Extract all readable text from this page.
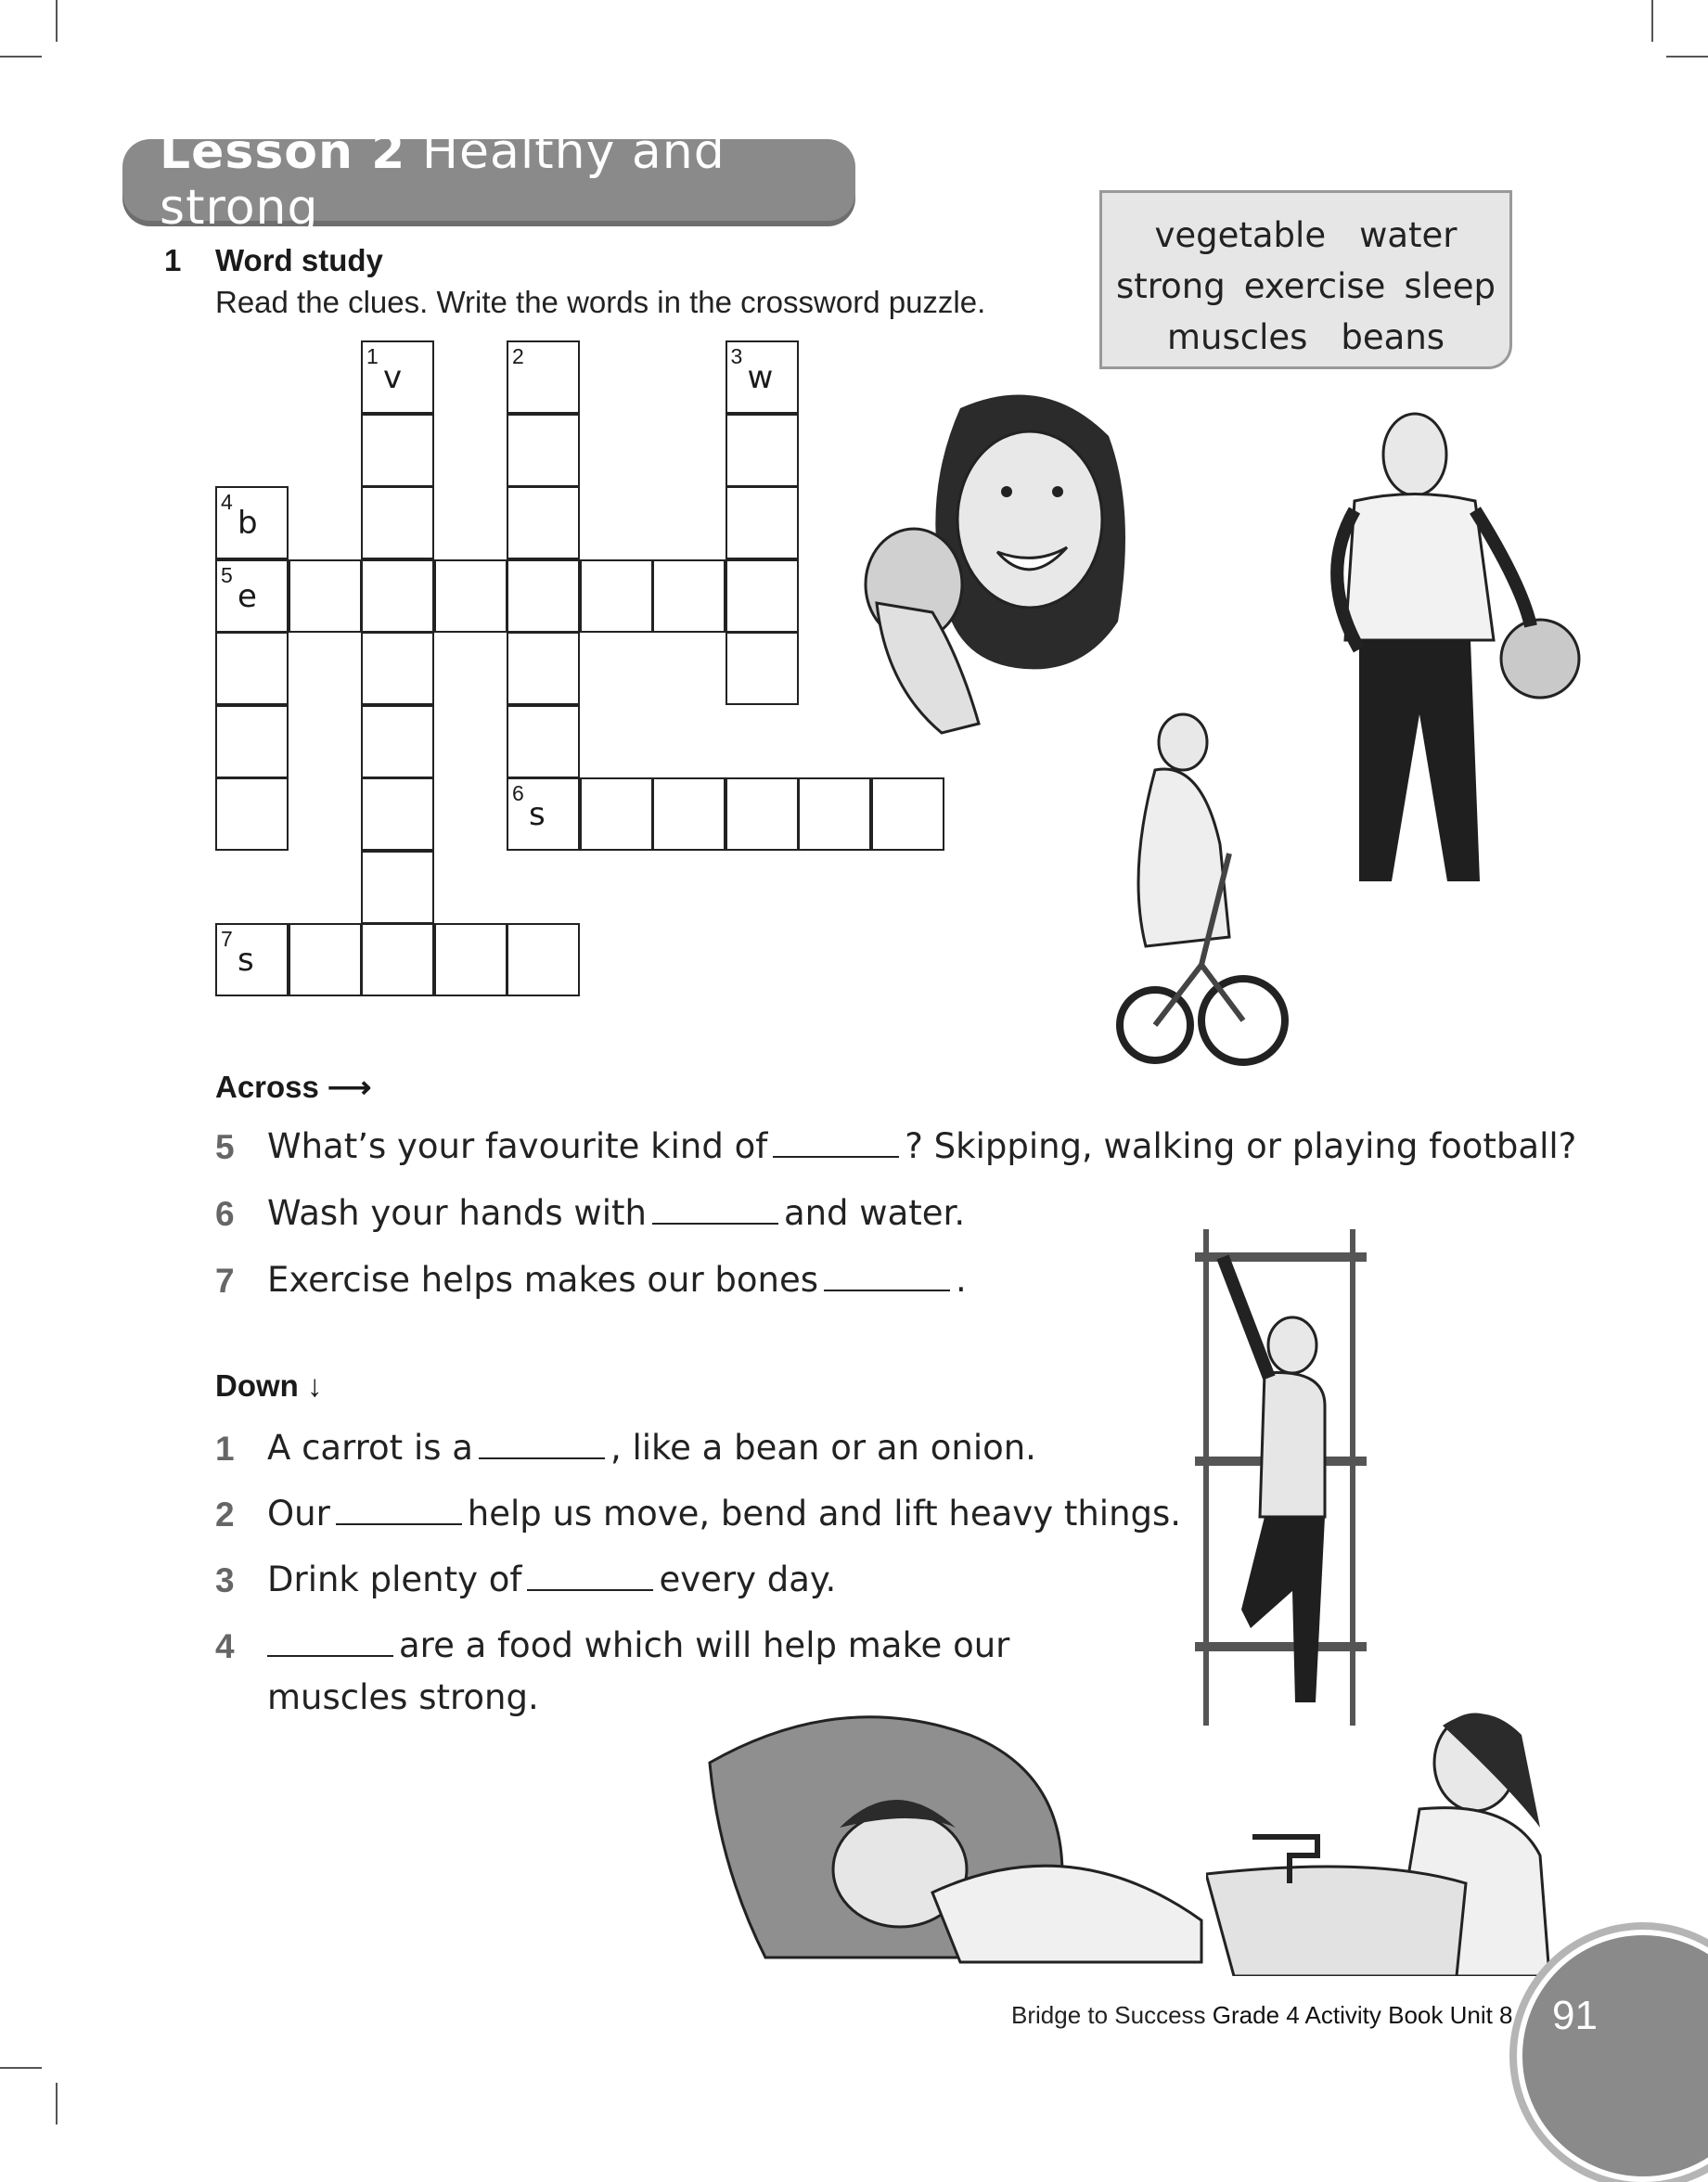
Lesson 2 Healthy and strong
1 Word study
Read the clues. Write the words in the crossword puzzle.
vegetable water
strong exercise sleep
muscles beans
1
v
2	3
w
4
b
5
e
6
s
7
s
Across ⟶
5 What’s your favourite kind of	? Skipping, walking or playing football?
6 Wash your hands with	and water.
7 Exercise helps makes our bones	.
Down ↓
1 A carrot is a	, like a bean or an onion.
2 Our	help us move, bend and lift heavy things.
3 Drink plenty of	every day.
4	are a food which will help make our
muscles strong.
Bridge to Success Grade 4 Activity Book Unit 8 91
